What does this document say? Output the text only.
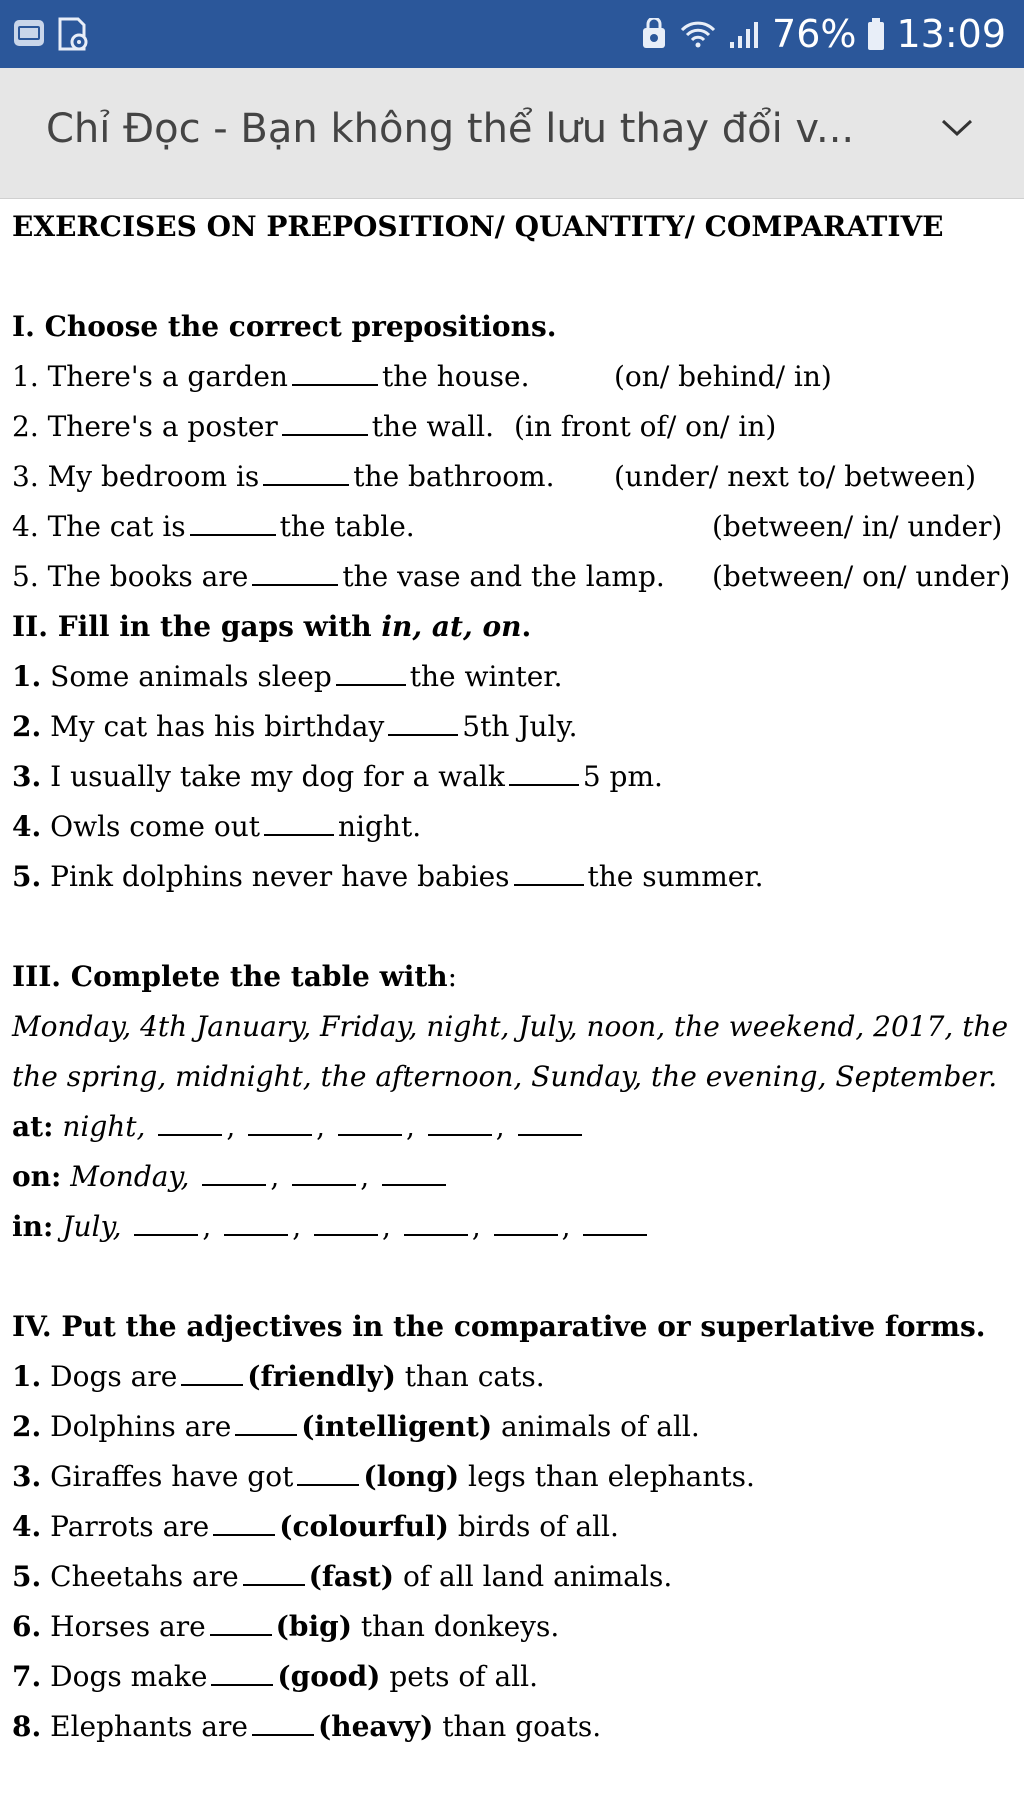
76% 13:09
Chỉ Đọc - Bạn không thể lưu thay đổi v...
EXERCISES ON PREPOSITION/ QUANTITY/ COMPARATIVE
I. Choose the correct prepositions.
1. There's a garden	the house.	(on/ behind/ in)
2. There's a poster	the wall. (in front of/ on/ in)
3. My bedroom is	the bathroom. (under/ next to/ between)
4. The cat is	the table.	(between/ in/ under)
5. The books are	the vase and the lamp. (between/ on/ under)
II. Fill in the gaps with in, at, on.
1. Some animals sleep	the winter.
2. My cat has his birthday	5th July.
3. I usually take my dog for a walk	5 pm.
4. Owls come out	night.
5. Pink dolphins never have babies	the summer.
III. Complete the table with:
Monday, 4th January, Friday, night, July, noon, the weekend, 2017, the
the spring, midnight, the afternoon, Sunday, the evening, September.
at: night,	,	,	,	,
on: Monday,	,	,
in: July,	,	,	,	,	,
IV. Put the adjectives in the comparative or superlative forms.
1. Dogs are	(friendly) than cats.
2. Dolphins are	(intelligent) animals of all.
3. Giraffes have got	(long) legs than elephants.
4. Parrots are	(colourful) birds of all.
5. Cheetahs are	(fast) of all land animals.
6. Horses are	(big) than donkeys.
7. Dogs make	(good) pets of all.
8. Elephants are	(heavy) than goats.
